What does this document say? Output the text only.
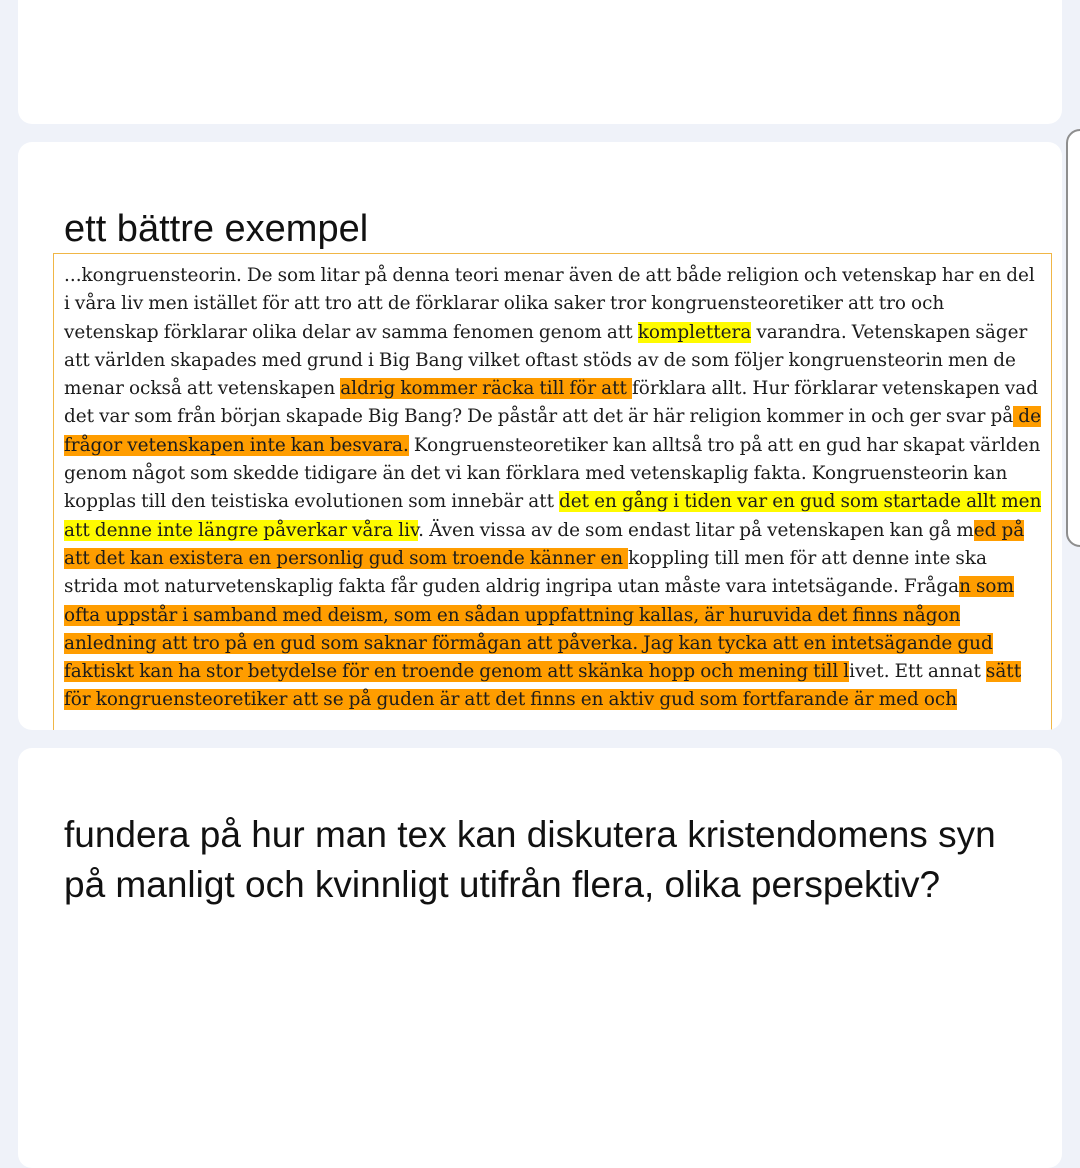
ett bättre exempel

...kongruensteorin. De som litar på denna teori menar även de att både religion och vetenskap har en del i våra liv men istället för att tro att de förklarar olika saker tror kongruensteoretiker att tro och vetenskap förklarar olika delar av samma fenomen genom att komplettera varandra. Vetenskapen säger att världen skapades med grund i Big Bang vilket oftast stöds av de som följer kongruensteorin men de menar också att vetenskapen aldrig kommer räcka till för att förklara allt. Hur förklarar vetenskapen vad det var som från början skapade Big Bang? De påstår att det är här religion kommer in och ger svar på de frågor vetenskapen inte kan besvara. Kongruensteoretiker kan alltså tro på att en gud har skapat världen genom något som skedde tidigare än det vi kan förklara med vetenskaplig fakta. Kongruensteorin kan kopplas till den teistiska evolutionen som innebär att det en gång i tiden var en gud som startade allt men att denne inte längre påverkar våra liv. Även vissa av de som endast litar på vetenskapen kan gå med på att det kan existera en personlig gud som troende känner en koppling till men för att denne inte ska strida mot naturvetenskaplig fakta får guden aldrig ingripa utan måste vara intetsägande. Frågan som ofta uppstår i samband med deism, som en sådan uppfattning kallas, är huruvida det finns någon anledning att tro på en gud som saknar förmågan att påverka. Jag kan tycka att en intetsägande gud faktiskt kan ha stor betydelse för en troende genom att skänka hopp och mening till livet. Ett annat sätt för kongruensteoretiker att se på guden är att det finns en aktiv gud som fortfarande är med och

fundera på hur man tex kan diskutera kristendomens syn på manligt och kvinnligt utifrån flera, olika perspektiv?
